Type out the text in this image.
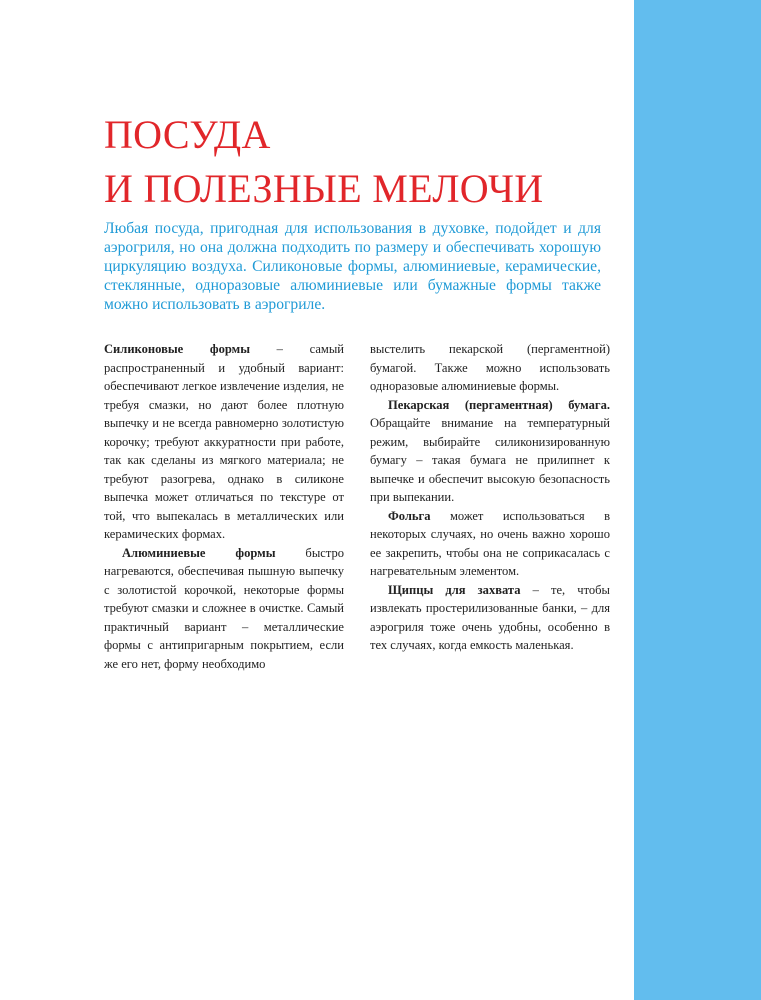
ПОСУДА
И ПОЛЕЗНЫЕ МЕЛОЧИ

Любая посуда, пригодная для использования в духовке, подойдет и для аэрогриля, но она должна подходить по размеру и обеспечивать хорошую циркуляцию воздуха. Силиконовые формы, алюминиевые, керамические, стеклянные, одноразовые алюминиевые или бумажные формы также можно использовать в аэрогриле.

Силиконовые формы – самый распространенный и удобный вариант: обеспечивают легкое извлечение изделия, не требуя смазки, но дают более плотную выпечку и не всегда равномерно золотистую корочку; требуют аккуратности при работе, так как сделаны из мягкого материала; не требуют разогрева, однако в силиконе выпечка может отличаться по текстуре от той, что выпекалась в металлических или керамических формах.

Алюминиевые формы быстро нагреваются, обеспечивая пышную выпечку с золотистой корочкой, некоторые формы требуют смазки и сложнее в очистке. Самый практичный вариант – металлические формы с антипригарным покрытием, если же его нет, форму необходимо

выстелить пекарской (пергаментной) бумагой. Также можно использовать одноразовые алюминиевые формы.

Пекарская (пергаментная) бумага. Обращайте внимание на температурный режим, выбирайте силиконизированную бумагу – такая бумага не прилипнет к выпечке и обеспечит высокую безопасность при выпекании.

Фольга может использоваться в некоторых случаях, но очень важно хорошо ее закрепить, чтобы она не соприкасалась с нагревательным элементом.

Щипцы для захвата – те, чтобы извлекать простерилизованные банки, – для аэрогриля тоже очень удобны, особенно в тех случаях, когда емкость маленькая.
